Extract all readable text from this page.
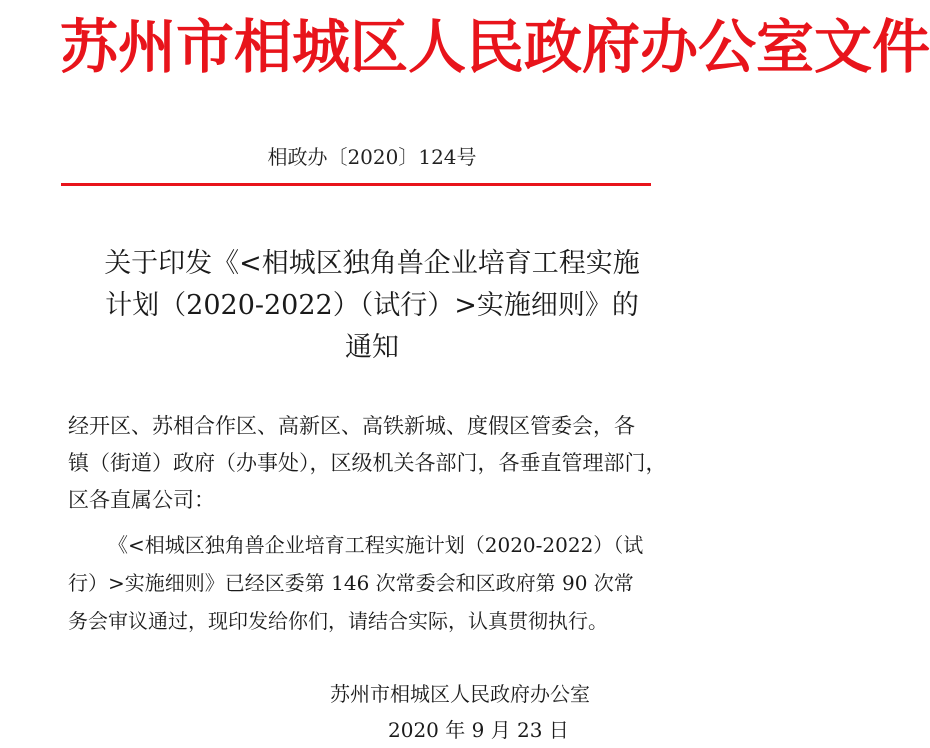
苏州市相城区人民政府办公室文件
相政办〔2020〕124号
关于印发《<相城区独角兽企业培育工程实施
计划（2020-2022）（试行）>实施细则》的
通知
经开区、苏相合作区、高新区、高铁新城、度假区管委会，各
镇（街道）政府（办事处），区级机关各部门，各垂直管理部门，
区各直属公司：
《<相城区独角兽企业培育工程实施计划（2020-2022）（试
行）>实施细则》已经区委第 146 次常委会和区政府第 90 次常
务会审议通过，现印发给你们，请结合实际，认真贯彻执行。
苏州市相城区人民政府办公室
2020 年 9 月 23 日
